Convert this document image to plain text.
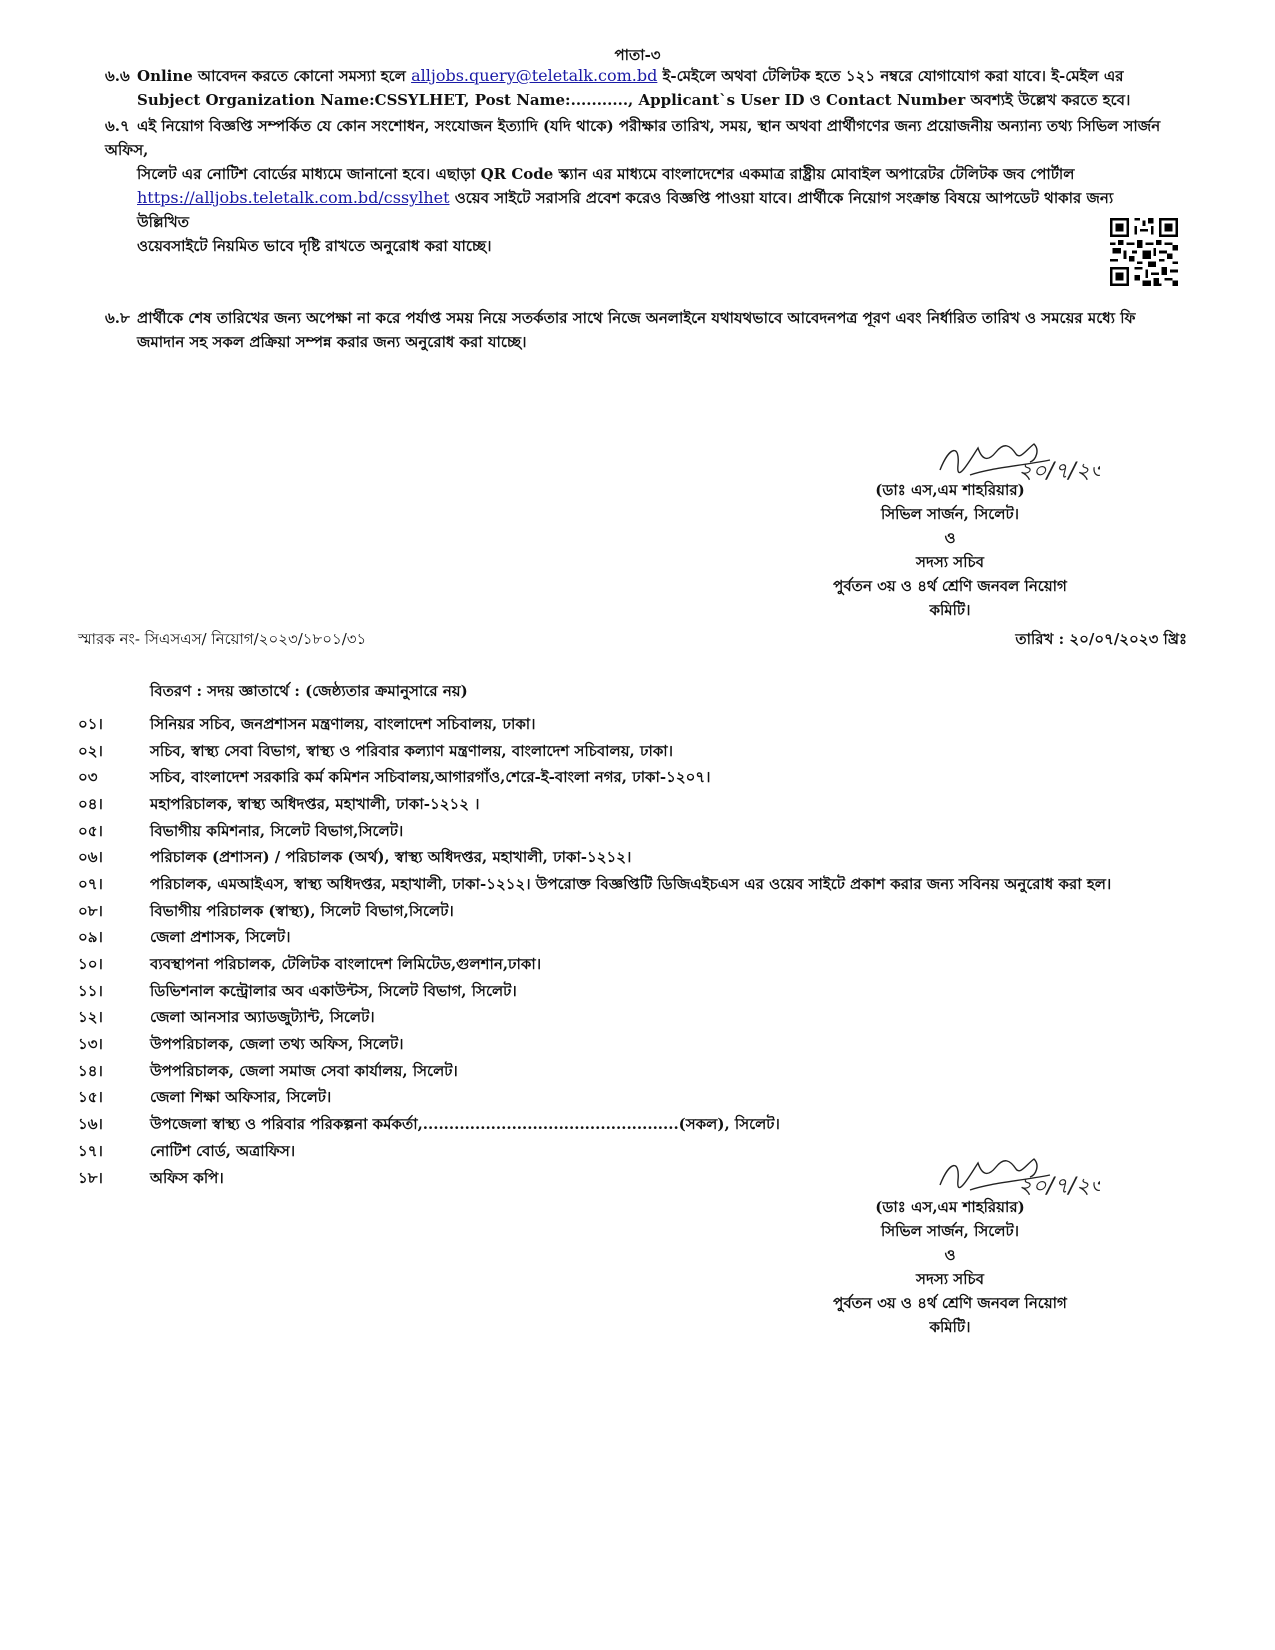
পাতা-৩
৬.৬ Online আবেদন করতে কোনো সমস্যা হলে alljobs.query@teletalk.com.bd ই-মেইলে অথবা টেলিটক হতে ১২১ নম্বরে যোগাযোগ করা যাবে। ই-মেইল এর
Subject Organization Name:CSSYLHET, Post Name:..........., Applicant`s User ID ও Contact Number অবশ্যই উল্লেখ করতে হবে।
৬.৭ এই নিয়োগ বিজ্ঞপ্তি সম্পর্কিত যে কোন সংশোধন, সংযোজন ইত্যাদি (যদি থাকে) পরীক্ষার তারিখ, সময়, স্থান অথবা প্রার্থীগণের জন্য প্রয়োজনীয় অন্যান্য তথ্য সিভিল সার্জন অফিস,
সিলেট এর নোটিশ বোর্ডের মাধ্যমে জানানো হবে। এছাড়া QR Code স্ক্যান এর মাধ্যমে বাংলাদেশের একমাত্র রাষ্ট্রীয় মোবাইল অপারেটর টেলিটক জব পোর্টাল
https://alljobs.teletalk.com.bd/cssylhet ওয়েব সাইটে সরাসরি প্রবেশ করেও বিজ্ঞপ্তি পাওয়া যাবে। প্রার্থীকে নিয়োগ সংক্রান্ত বিষয়ে আপডেট থাকার জন্য উল্লিখিত
ওয়েবসাইটে নিয়মিত ভাবে দৃষ্টি রাখতে অনুরোধ করা যাচ্ছে।
৬.৮ প্রার্থীকে শেষ তারিখের জন্য অপেক্ষা না করে পর্যাপ্ত সময় নিয়ে সতর্কতার সাথে নিজে অনলাইনে যথাযথভাবে আবেদনপত্র পূরণ এবং নির্ধারিত তারিখ ও সময়ের মধ্যে ফি
জমাদান সহ সকল প্রক্রিয়া সম্পন্ন করার জন্য অনুরোধ করা যাচ্ছে।
২০/৭/২৩
(ডাঃ এস,এম শাহরিয়ার)
সিভিল সার্জন, সিলেট।
ও
সদস্য সচিব
পুর্বতন ৩য় ও ৪র্থ শ্রেণি জনবল নিয়োগ কমিটি।
স্মারক নং- সিএসএস/ নিয়োগ/২০২৩/১৮০১/৩১	তারিখ : ২০/০৭/২০২৩ খ্রিঃ
বিতরণ : সদয় জ্ঞাতার্থে : (জেষ্ঠ্যতার ক্রমানুসারে নয়)
০১।	সিনিয়র সচিব, জনপ্রশাসন মন্ত্রণালয়, বাংলাদেশ সচিবালয়, ঢাকা।
০২।	সচিব, স্বাস্থ্য সেবা বিভাগ, স্বাস্থ্য ও পরিবার কল্যাণ মন্ত্রণালয়, বাংলাদেশ সচিবালয়, ঢাকা।
০৩	সচিব, বাংলাদেশ সরকারি কর্ম কমিশন সচিবালয়,আগারগাঁও,শেরে-ই-বাংলা নগর, ঢাকা-১২০৭।
০৪।	মহাপরিচালক, স্বাস্থ্য অধিদপ্তর, মহাখালী, ঢাকা-১২১২ ।
০৫।	বিভাগীয় কমিশনার, সিলেট বিভাগ,সিলেট।
০৬।	পরিচালক (প্রশাসন) / পরিচালক (অর্থ), স্বাস্থ্য অধিদপ্তর, মহাখালী, ঢাকা-১২১২।
০৭।	পরিচালক, এমআইএস, স্বাস্থ্য অধিদপ্তর, মহাখালী, ঢাকা-১২১২। উপরোক্ত বিজ্ঞপ্তিটি ডিজিএইচএস এর ওয়েব সাইটে প্রকাশ করার জন্য সবিনয় অনুরোধ করা হল।
০৮।	বিভাগীয় পরিচালক (স্বাস্থ্য), সিলেট বিভাগ,সিলেট।
০৯।	জেলা প্রশাসক, সিলেট।
১০।	ব্যবস্থাপনা পরিচালক, টেলিটক বাংলাদেশ লিমিটেড,গুলশান,ঢাকা।
১১।	ডিভিশনাল কন্ট্রোলার অব একাউন্টস, সিলেট বিভাগ, সিলেট।
১২।	জেলা আনসার অ্যাডজুট্যান্ট, সিলেট।
১৩।	উপপরিচালক, জেলা তথ্য অফিস, সিলেট।
১৪।	উপপরিচালক, জেলা সমাজ সেবা কার্যালয়, সিলেট।
১৫।	জেলা শিক্ষা অফিসার, সিলেট।
১৬।	উপজেলা স্বাস্থ্য ও পরিবার পরিকল্পনা কর্মকর্তা,.................................................(সকল), সিলেট।
১৭।	নোটিশ বোর্ড, অত্রাফিস।
১৮।	অফিস কপি।	২০/৭/২৩
(ডাঃ এস,এম শাহরিয়ার)
সিভিল সার্জন, সিলেট।
ও
সদস্য সচিব
পুর্বতন ৩য় ও ৪র্থ শ্রেণি জনবল নিয়োগ কমিটি।
